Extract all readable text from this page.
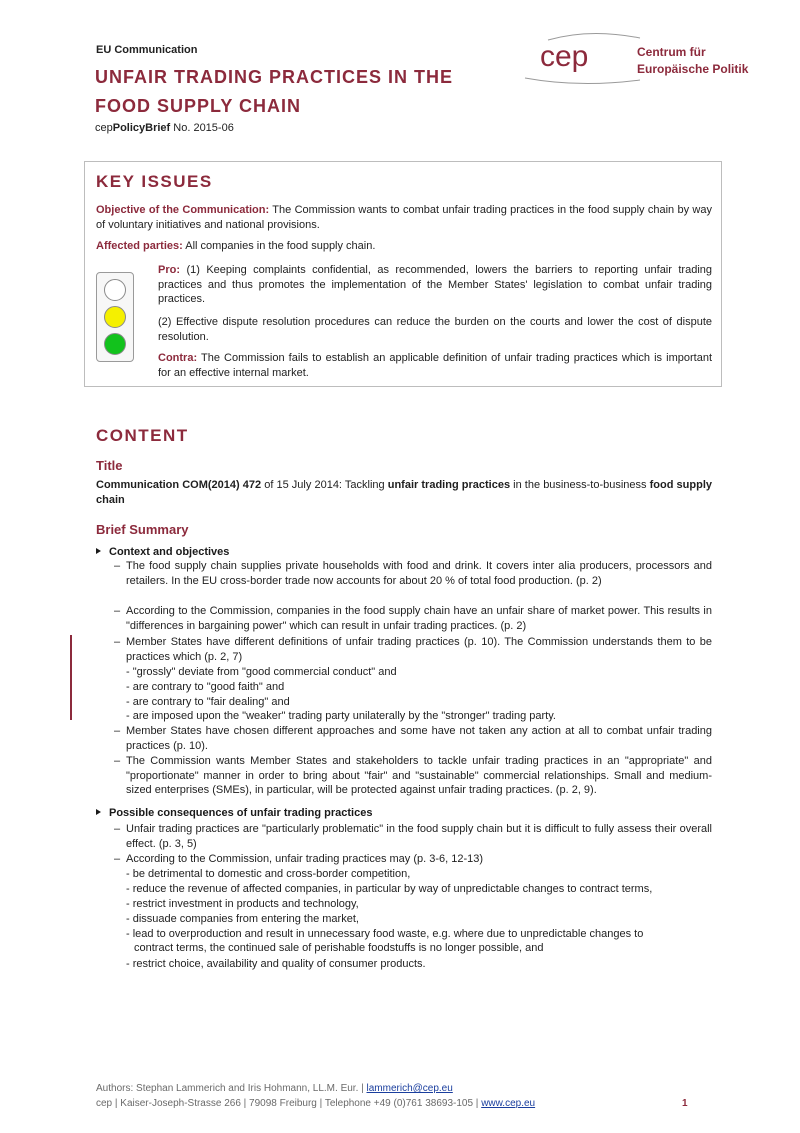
EU Communication
UNFAIR TRADING PRACTICES IN THE
FOOD SUPPLY CHAIN
cepPolicyBrief No. 2015-06
cep	Centrum für
Europäische Politik
KEY ISSUES
Objective of the Communication: The Commission wants to combat unfair trading practices in the food supply chain by way of voluntary initiatives and national provisions.
Affected parties: All companies in the food supply chain.
Pro: (1) Keeping complaints confidential, as recommended, lowers the barriers to reporting unfair trading practices and thus promotes the implementation of the Member States' legislation to combat unfair trading practices.
(2) Effective dispute resolution procedures can reduce the burden on the courts and lower the cost of dispute resolution.
Contra: The Commission fails to establish an applicable definition of unfair trading practices which is important for an effective internal market.
CONTENT
Title
Communication COM(2014) 472 of 15 July 2014: Tackling unfair trading practices in the business-to-business food supply chain
Brief Summary
Context and objectives
– The food supply chain supplies private households with food and drink. It covers inter alia producers, processors and retailers. In the EU cross-border trade now accounts for about 20 % of total food production. (p. 2)
– According to the Commission, companies in the food supply chain have an unfair share of market power. This results in "differences in bargaining power" which can result in unfair trading practices. (p. 2)
– Member States have different definitions of unfair trading practices (p. 10). The Commission understands them to be practices which (p. 2, 7)
- "grossly" deviate from "good commercial conduct" and
- are contrary to "good faith" and
- are contrary to "fair dealing" and
- are imposed upon the "weaker" trading party unilaterally by the "stronger" trading party.
– Member States have chosen different approaches and some have not taken any action at all to combat unfair trading practices (p. 10).
– The Commission wants Member States and stakeholders to tackle unfair trading practices in an "appropriate" and "proportionate" manner in order to bring about "fair" and "sustainable" commercial relationships. Small and medium-sized enterprises (SMEs), in particular, will be protected against unfair trading practices. (p. 2, 9).
Possible consequences of unfair trading practices
– Unfair trading practices are "particularly problematic" in the food supply chain but it is difficult to fully assess their overall effect. (p. 3, 5)
– According to the Commission, unfair trading practices may (p. 3-6, 12-13)
- be detrimental to domestic and cross-border competition,
- reduce the revenue of affected companies, in particular by way of unpredictable changes to contract terms,
- restrict investment in products and technology,
- dissuade companies from entering the market,
- lead to overproduction and result in unnecessary food waste, e.g. where due to unpredictable changes to
contract terms, the continued sale of perishable foodstuffs is no longer possible, and
- restrict choice, availability and quality of consumer products.
Authors: Stephan Lammerich and Iris Hohmann, LL.M. Eur. | lammerich@cep.eu
cep | Kaiser-Joseph-Strasse 266 | 79098 Freiburg | Telephone +49 (0)761 38693-105 | www.cep.eu	1
